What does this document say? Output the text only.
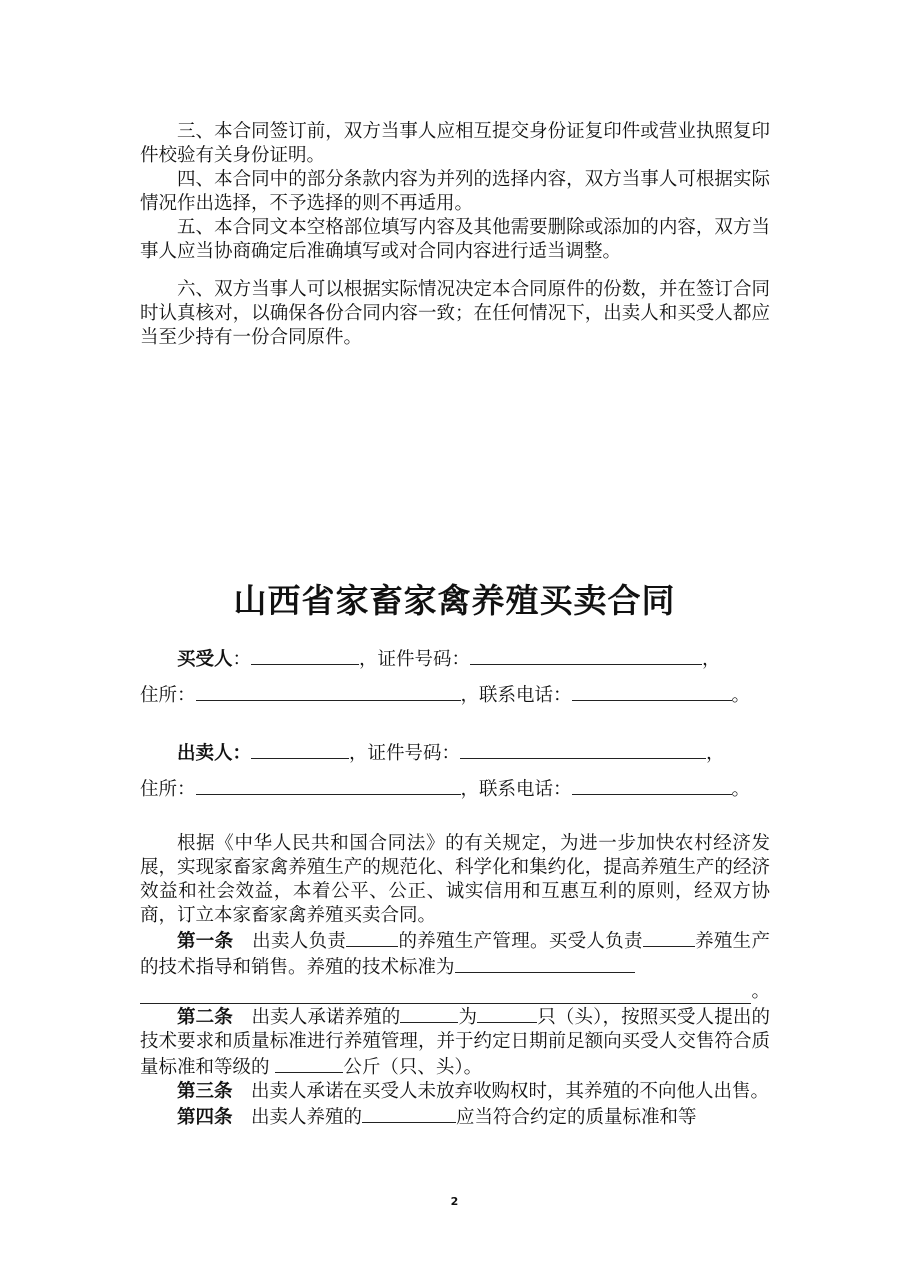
三、本合同签订前，双方当事人应相互提交身份证复印件或营业执照复印件校验有关身份证明。

四、本合同中的部分条款内容为并列的选择内容，双方当事人可根据实际情况作出选择，不予选择的则不再适用。

五、本合同文本空格部位填写内容及其他需要删除或添加的内容，双方当事人应当协商确定后准确填写或对合同内容进行适当调整。

六、双方当事人可以根据实际情况决定本合同原件的份数，并在签订合同时认真核对，以确保各份合同内容一致；在任何情况下，出卖人和买受人都应当至少持有一份合同原件。

山西省家畜家禽养殖买卖合同
买受人：	，证件号码：	，
住所：	，联系电话：	。
出卖人：	，证件号码：	，
住所：	，联系电话：	。

根据《中华人民共和国合同法》的有关规定，为进一步加快农村经济发展，实现家畜家禽养殖生产的规范化、科学化和集约化，提高养殖生产的经济效益和社会效益，本着公平、公正、诚实信用和互惠互利的原则，经双方协商，订立本家畜家禽养殖买卖合同。

第一条　出卖人负责	的养殖生产管理。买受人负责	养殖生产的技术指导和销售。养殖的技术标准为

。

第二条　出卖人承诺养殖的	为	只（头），按照买受人提出的技术要求和质量标准进行养殖管理，并于约定日期前足额向买受人交售符合质量标准和等级的	公斤（只、头）。

第三条　出卖人承诺在买受人未放弃收购权时，其养殖的不向他人出售。

第四条　出卖人养殖的	应当符合约定的质量标准和等

2
